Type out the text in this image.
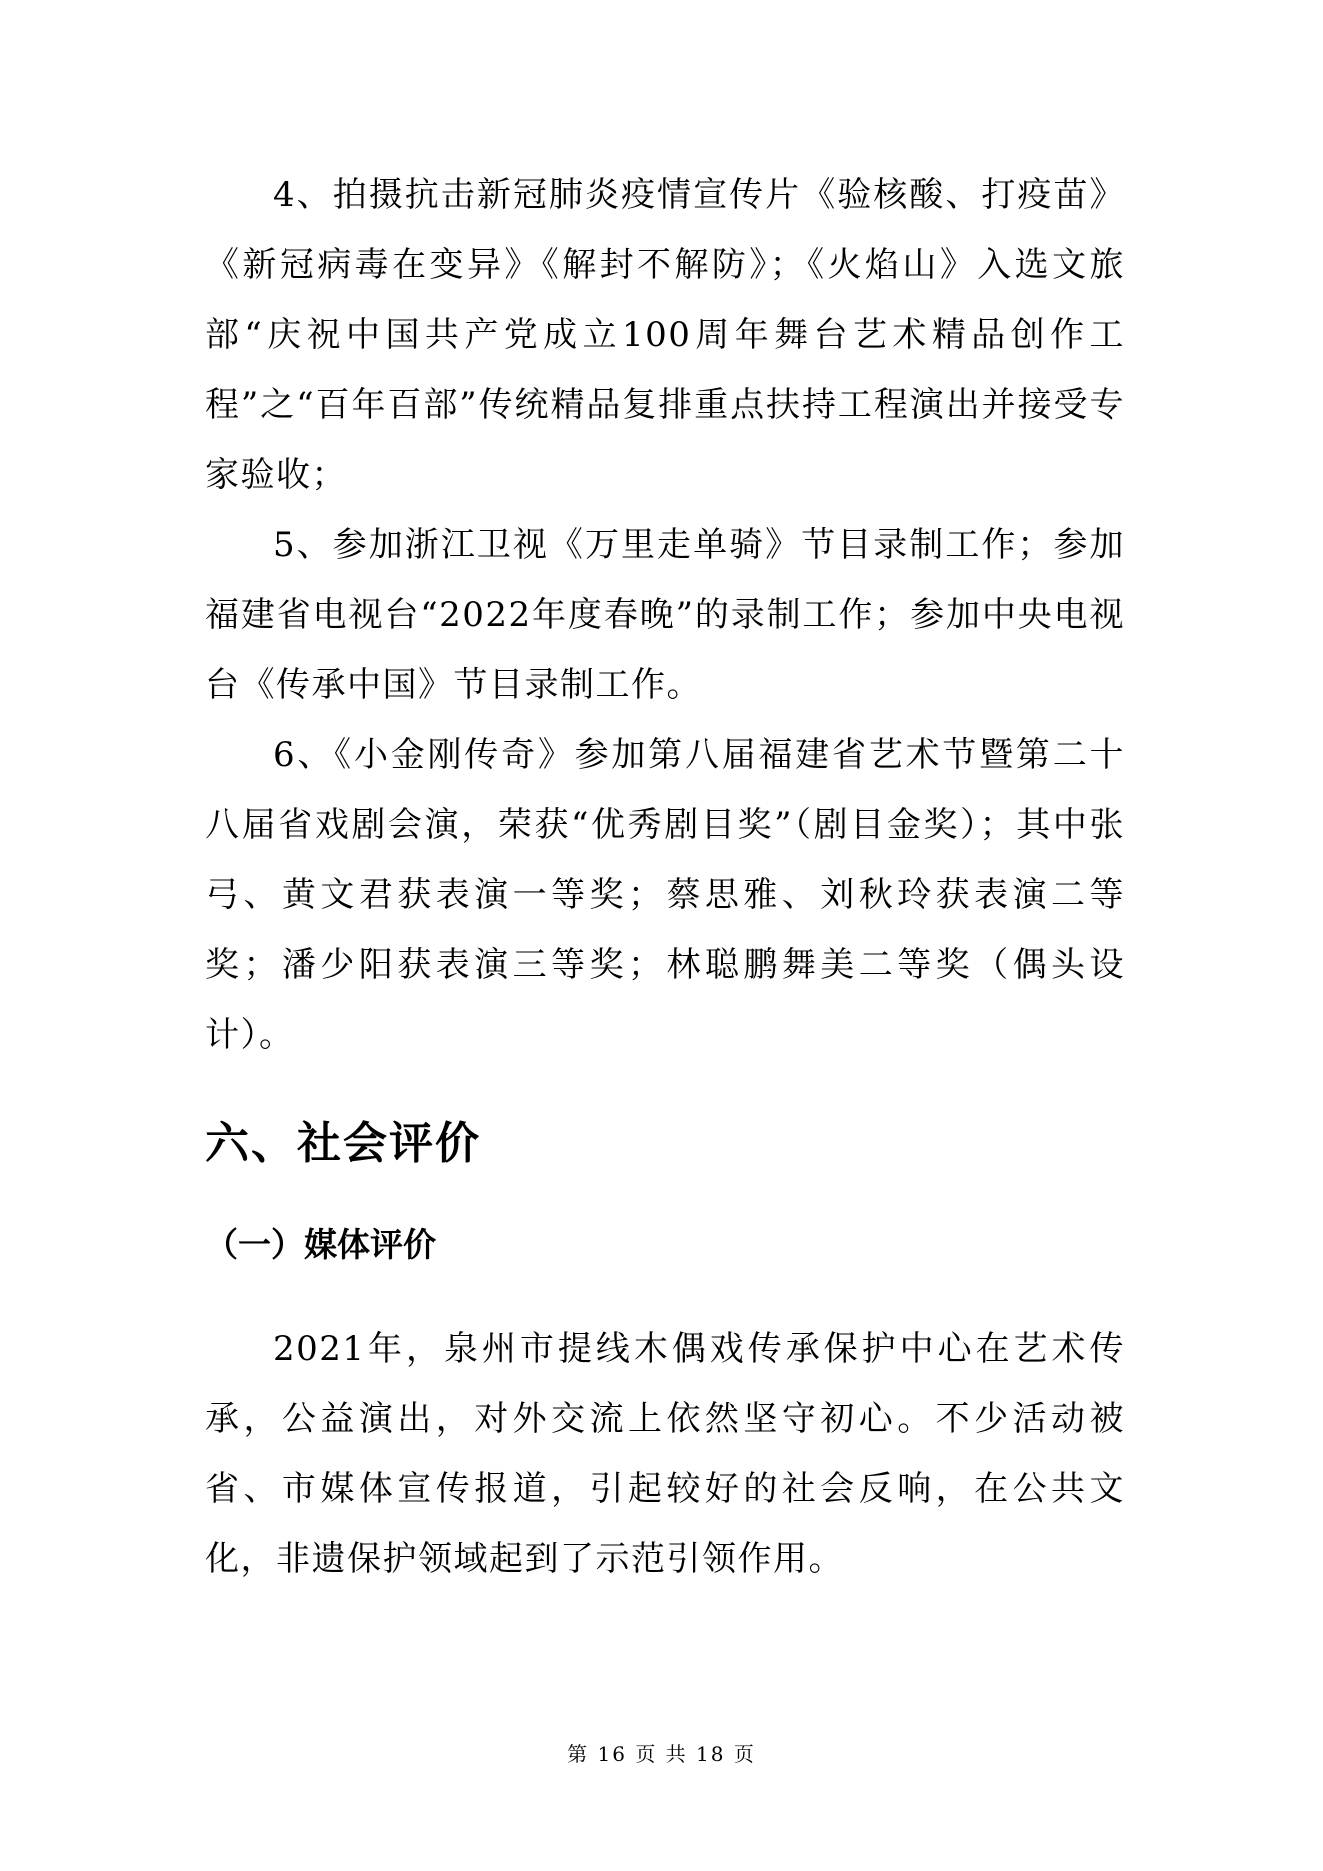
4、拍摄抗击新冠肺炎疫情宣传片《验核酸、打疫苗》《新冠病毒在变异》《解封不解防》；《火焰山》入选文旅部“庆祝中国共产党成立100周年舞台艺术精品创作工程”之“百年百部”传统精品复排重点扶持工程演出并接受专家验收；

5、参加浙江卫视《万里走单骑》节目录制工作；参加福建省电视台“2022年度春晚”的录制工作；参加中央电视台《传承中国》节目录制工作。

6、《小金刚传奇》参加第八届福建省艺术节暨第二十八届省戏剧会演，荣获“优秀剧目奖”（剧目金奖）；其中张弓、黄文君获表演一等奖；蔡思雅、刘秋玲获表演二等奖；潘少阳获表演三等奖；林聪鹏舞美二等奖（偶头设计）。

六、社会评价
（一）媒体评价

2021年，泉州市提线木偶戏传承保护中心在艺术传承，公益演出，对外交流上依然坚守初心。不少活动被省、市媒体宣传报道，引起较好的社会反响，在公共文化，非遗保护领域起到了示范引领作用。

第 16 页 共 18 页
